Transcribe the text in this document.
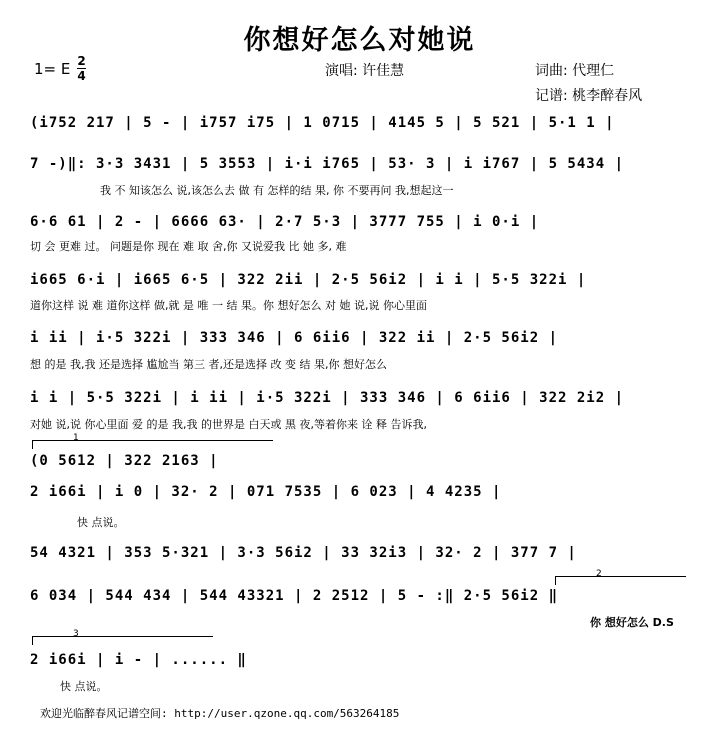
你想好怎么对她说
1= E 2
4	演唱: 许佳慧	词曲: 代理仁
记谱: 桃李醉春风
(i752 217 | 5 - | i757 i75 | 1 0715 | 4145 5 | 5 521 | 5·1 1 |
7 -)‖: 3·3 3431 | 5 3553 | i·i i765 | 53· 3 | i i767 | 5 5434 |
我 不 知该怎么 说,该怎么去 做 有 怎样的结 果, 你 不要再问 我,想起这一
6·6 61 | 2 - | 6666 63· | 2·7 5·3 | 3777 755 | i 0·i |
切 会 更难 过。 问题是你 现在 难 取 舍,你 又说爱我 比 她 多, 难
i665 6·i | i665 6·5 | 322 2ii | 2·5 56i2 | i i | 5·5 322i |
道你这样 说 难 道你这样 做,就 是 唯 一 结 果。你 想好怎么 对 她 说,说 你心里面
i ii | i·5 322i | 333 346 | 6 6ii6 | 322 ii | 2·5 56i2 |
想 的是 我,我 还是选择 尴尬当 第三 者,还是选择 改 变 结 果,你 想好怎么
i i | 5·5 322i | i ii | i·5 322i | 333 346 | 6 6ii6 | 322 2i2 |
对她 说,说 你心里面 爱 的是 我,我 的世界是 白天或 黑 夜,等着你来 诠 释 告诉我,
1
(0 5612 | 322 2163 |
2 i66i | i 0 | 32· 2 | 071 7535 | 6 023 | 4 4235 |
快 点说。
54 4321 | 353 5·321 | 3·3 56i2 | 33 32i3 | 32· 2 | 377 7 |
2
6 034 | 544 434 | 544 43321 | 2 2512 | 5 - :‖ 2·5 56i2 ‖
你 想好怎么 D.S
3
2 i66i | i - | ...... ‖
快 点说。
欢迎光临醉春风记谱空间: http://user.qzone.qq.com/563264185
